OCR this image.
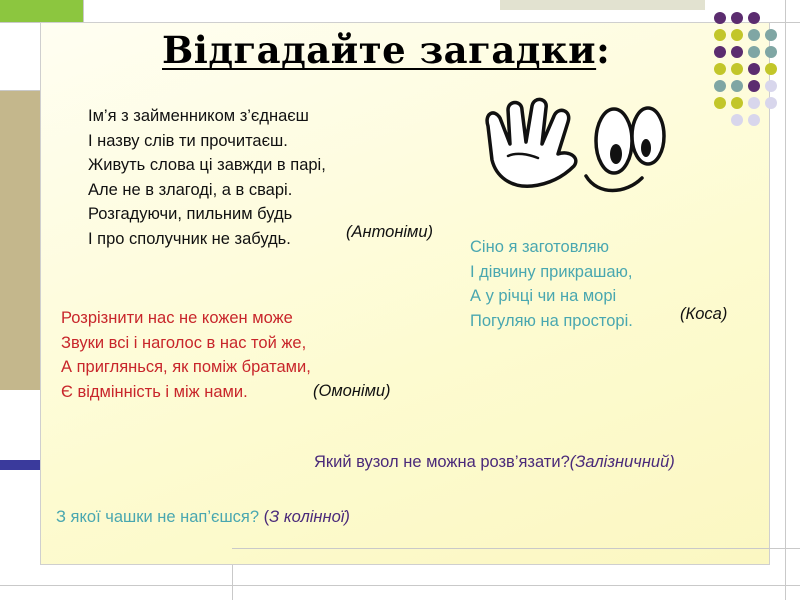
Відгадайте загадки:
Ім’я з займенником з’єднаєш
І назву слів ти прочитаєш.
Живуть слова ці завжди в парі,
Але не в злагоді, а в сварі.
Розгадуючи, пильним будь
І про сполучник не забудь.	(Антоніми)
Сіно я заготовляю
І дівчину прикрашаю,
А у річці чи на морі
Погуляю на просторі.	(Коса)
Розрізнити нас не кожен може
Звуки всі і наголос в нас той же,
А приглянься, як поміж братами,
Є відмінність і між нами.	(Омоніми)
Який вузол не можна розв’язати?(Залізничний)
З якої чашки не нап’єшся? (З колінної)
